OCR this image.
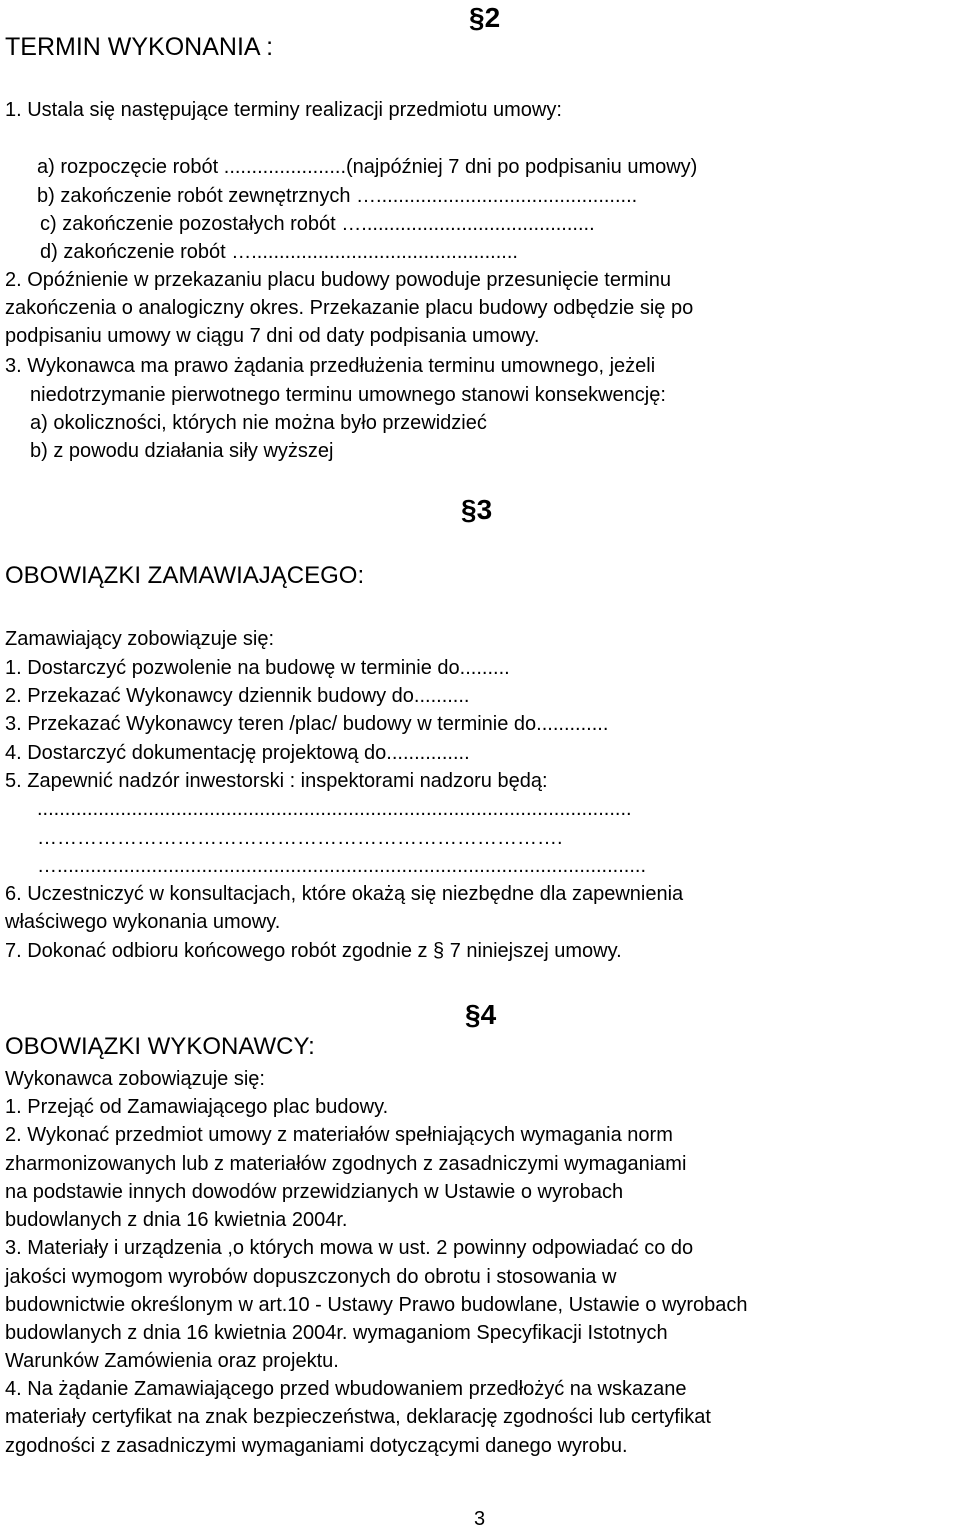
§2
TERMIN WYKONANIA :
1. Ustala się następujące terminy realizacji przedmiotu umowy:
a) rozpoczęcie robót ......................(najpóźniej 7 dni po podpisaniu umowy)
b) zakończenie robót zewnętrznych …...............................................
c) zakończenie pozostałych robót …..........................................
d) zakończenie robót …................................................
2. Opóźnienie w przekazaniu placu budowy powoduje przesunięcie terminu
zakończenia o analogiczny okres. Przekazanie placu budowy odbędzie się po
podpisaniu umowy w ciągu 7 dni od daty podpisania umowy.
3. Wykonawca ma prawo żądania przedłużenia terminu umownego, jeżeli
niedotrzymanie pierwotnego terminu umownego stanowi konsekwencję:
a) okoliczności, których nie można było przewidzieć
b) z powodu działania siły wyższej
§3
OBOWIĄZKI ZAMAWIAJĄCEGO:
Zamawiający zobowiązuje się:
1. Dostarczyć pozwolenie na budowę w terminie do.........
2. Przekazać Wykonawcy dziennik budowy do..........
3. Przekazać Wykonawcy teren /plac/ budowy w terminie do.............
4. Dostarczyć dokumentację projektową do...............
5. Zapewnić nadzór inwestorski : inspektorami nadzoru będą:
...........................................................................................................
…………………………………………………………………….
…..........................................................................................................
6. Uczestniczyć w konsultacjach, które okażą się niezbędne dla zapewnienia
właściwego wykonania umowy.
7. Dokonać odbioru końcowego robót zgodnie z § 7 niniejszej umowy.
§4
OBOWIĄZKI WYKONAWCY:
Wykonawca zobowiązuje się:
1. Przejąć od Zamawiającego plac budowy.
2. Wykonać przedmiot umowy z materiałów spełniających wymagania norm
zharmonizowanych lub z materiałów zgodnych z zasadniczymi wymaganiami
na podstawie innych dowodów przewidzianych w Ustawie o wyrobach
budowlanych z dnia 16 kwietnia 2004r.
3. Materiały i urządzenia ,o których mowa w ust. 2 powinny odpowiadać co do
jakości wymogom wyrobów dopuszczonych do obrotu i stosowania w
budownictwie określonym w art.10 - Ustawy Prawo budowlane, Ustawie o wyrobach
budowlanych z dnia 16 kwietnia 2004r. wymaganiom Specyfikacji Istotnych
Warunków Zamówienia oraz projektu.
4. Na żądanie Zamawiającego przed wbudowaniem przedłożyć na wskazane
materiały certyfikat na znak bezpieczeństwa, deklarację zgodności lub certyfikat
zgodności z zasadniczymi wymaganiami dotyczącymi danego wyrobu.
3
